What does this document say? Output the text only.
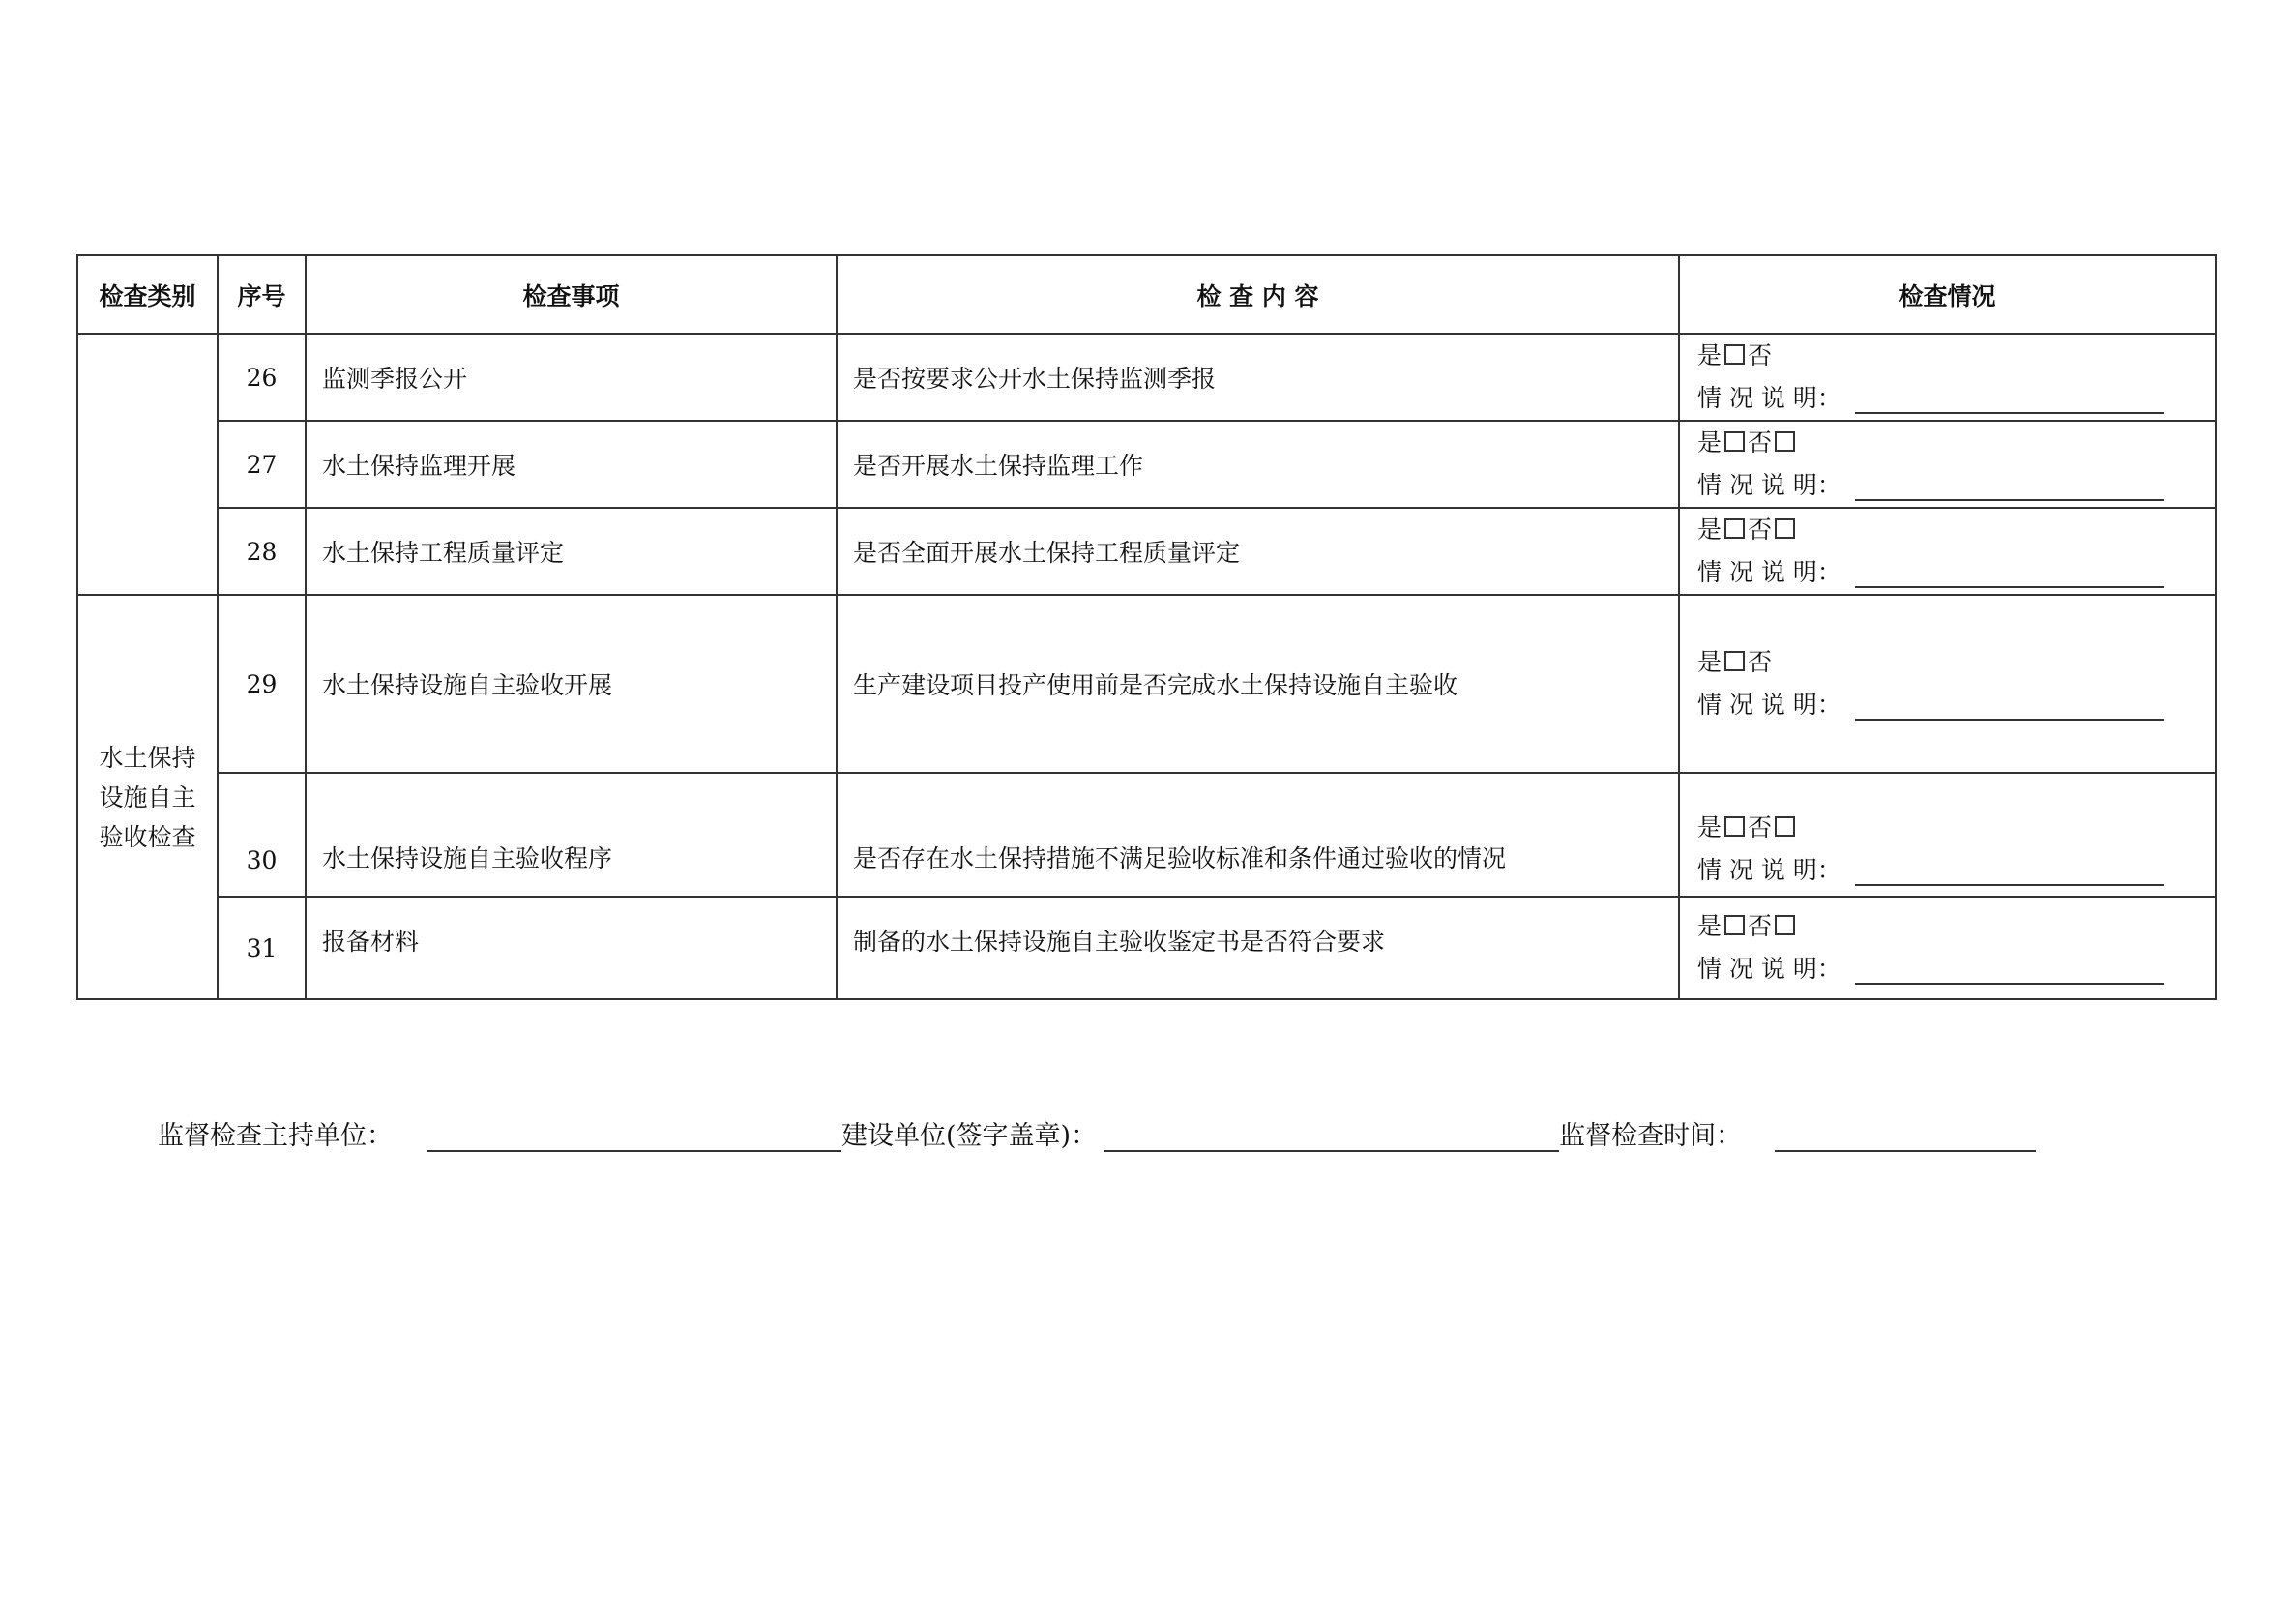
检查类别	序号	检查事项	检 查 内 容	检查情况
	26	监测季报公开	是否按要求公开水土保持监测季报	是 否
情 况 说 明：

	27	水土保持监理开展	是否开展水土保持监理工作	是 否
情 况 说 明：

	28	水土保持工程质量评定	是否全面开展水土保持工程质量评定	是 否
情 况 说 明：

水土保持设施自主验收检查	29	水土保持设施自主验收开展	生产建设项目投产使用前是否完成水土保持设施自主验收	是 否
情 况 说 明：

	30	水土保持设施自主验收程序	是否存在水土保持措施不满足验收标准和条件通过验收的情况	是 否
情 况 说 明：

	31	报备材料	制备的水土保持设施自主验收鉴定书是否符合要求	是 否
情 况 说 明：
监督检查主持单位：	建设单位(签字盖章)：	监督检查时间：
